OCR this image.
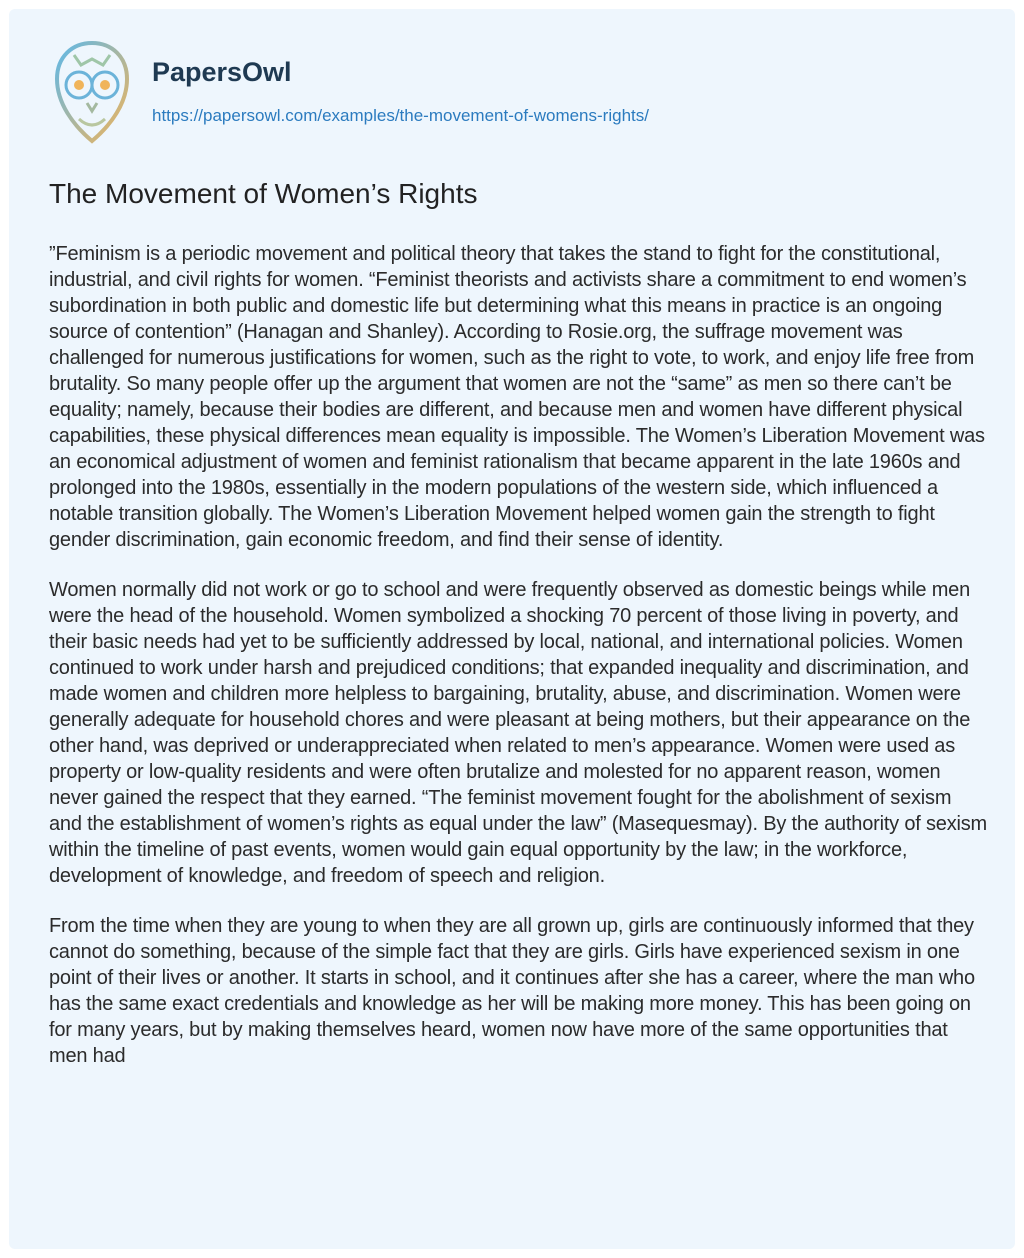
PapersOwl
https://papersowl.com/examples/the-movement-of-womens-rights/
The Movement of Women’s Rights

”Feminism is a periodic movement and political theory that takes the stand to fight for the constitutional, industrial, and civil rights for women. “Feminist theorists and activists share a commitment to end women’s subordination in both public and domestic life but determining what this means in practice is an ongoing source of contention” (Hanagan and Shanley). According to Rosie.org, the suffrage movement was challenged for numerous justifications for women, such as the right to vote, to work, and enjoy life free from brutality. So many people offer up the argument that women are not the “same” as men so there can’t be equality; namely, because their bodies are different, and because men and women have different physical capabilities, these physical differences mean equality is impossible. The Women’s Liberation Movement was an economical adjustment of women and feminist rationalism that became apparent in the late 1960s and prolonged into the 1980s, essentially in the modern populations of the western side, which influenced a notable transition globally. The Women’s Liberation Movement helped women gain the strength to fight gender discrimination, gain economic freedom, and find their sense of identity.

Women normally did not work or go to school and were frequently observed as domestic beings while men were the head of the household. Women symbolized a shocking 70 percent of those living in poverty, and their basic needs had yet to be sufficiently addressed by local, national, and international policies. Women continued to work under harsh and prejudiced conditions; that expanded inequality and discrimination, and made women and children more helpless to bargaining, brutality, abuse, and discrimination. Women were generally adequate for household chores and were pleasant at being mothers, but their appearance on the other hand, was deprived or underappreciated when related to men’s appearance. Women were used as property or low-quality residents and were often brutalize and molested for no apparent reason, women never gained the respect that they earned. “The feminist movement fought for the abolishment of sexism and the establishment of women’s rights as equal under the law” (Masequesmay). By the authority of sexism within the timeline of past events, women would gain equal opportunity by the law; in the workforce, development of knowledge, and freedom of speech and religion.

From the time when they are young to when they are all grown up, girls are continuously informed that they cannot do something, because of the simple fact that they are girls. Girls have experienced sexism in one point of their lives or another. It starts in school, and it continues after she has a career, where the man who has the same exact credentials and knowledge as her will be making more money. This has been going on for many years, but by making themselves heard, women now have more of the same opportunities that men had
